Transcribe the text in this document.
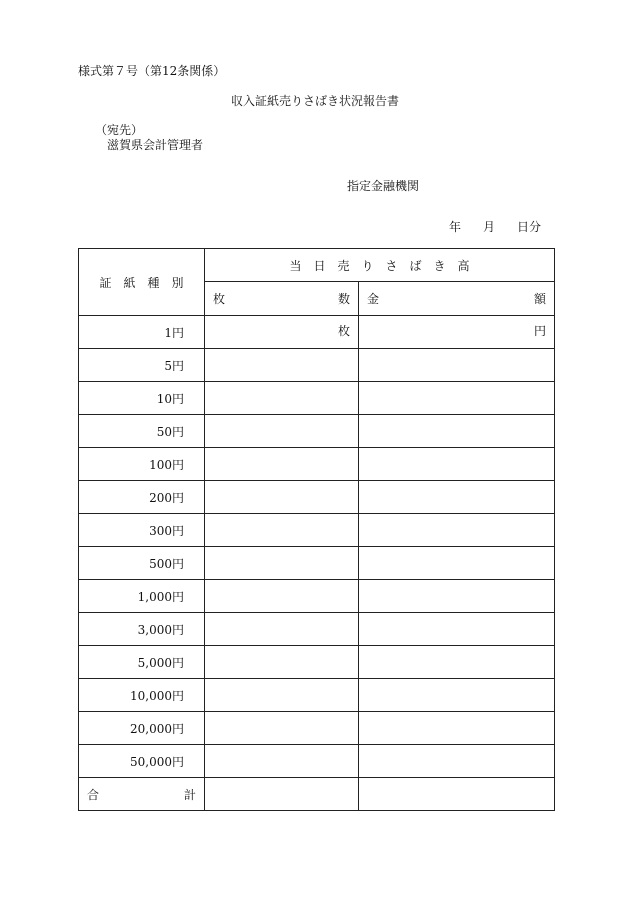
様式第７号（第12条関係）
収入証紙売りさばき状況報告書
（宛先）
滋賀県会計管理者
指定金融機関
年 月 日分
証　紙　種　別	当　日　売　り　さ　ば　き　高	

	枚 数	金 額

1円	枚	円

5円		
10円		
50円		
100円		
200円		
300円		
500円		
1,000円		
3,000円		
5,000円		
10,000円		
20,000円		
50,000円		

合 計		
